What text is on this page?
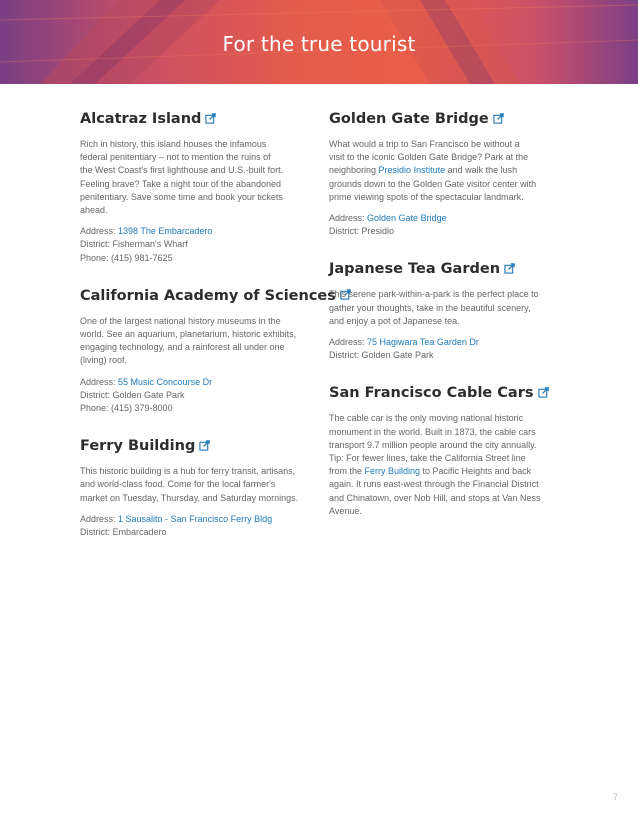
For the true tourist
Alcatraz Island

Rich in history, this island houses the infamous
federal penitentiary – not to mention the ruins of
the West Coast's first lighthouse and U.S.-built fort.
Feeling brave? Take a night tour of the abandoned
penitentiary. Save some time and book your tickets
ahead.

Address: 1398 The Embarcadero

District: Fisherman's Wharf

Phone: (415) 981-7625

California Academy of Sciences

One of the largest national history museums in the
world. See an aquarium, planetarium, historic exhibits,
engaging technology, and a rainforest all under one
(living) roof.

Address: 55 Music Concourse Dr

District: Golden Gate Park

Phone: (415) 379-8000

Ferry Building

This historic building is a hub for ferry transit, artisans,
and world-class food. Come for the local farmer's
market on Tuesday, Thursday, and Saturday mornings.

Address: 1 Sausalito - San Francisco Ferry Bldg

District: Embarcadero

Golden Gate Bridge

What would a trip to San Francisco be without a
visit to the iconic Golden Gate Bridge? Park at the
neighboring Presidio Institute and walk the lush
grounds down to the Golden Gate visitor center with
prime viewing spots of the spectacular landmark.

Address: Golden Gate Bridge

District: Presidio

Japanese Tea Garden

This serene park-within-a-park is the perfect place to
gather your thoughts, take in the beautiful scenery,
and enjoy a pot of Japanese tea.

Address: 75 Hagiwara Tea Garden Dr

District: Golden Gate Park

San Francisco Cable Cars

The cable car is the only moving national historic
monument in the world. Built in 1873, the cable cars
transport 9.7 million people around the city annually.
Tip: For fewer lines, take the California Street line
from the Ferry Building to Pacific Heights and back
again. It runs east-west through the Financial District
and Chinatown, over Nob Hill, and stops at Van Ness
Avenue.

7
